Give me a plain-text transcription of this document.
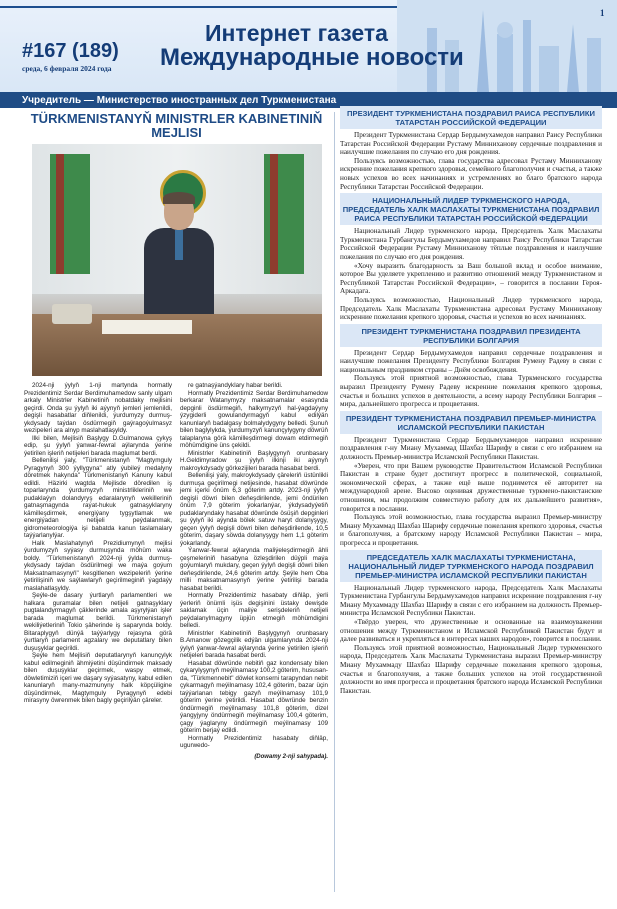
#167 (189)
среда, 6 февраля 2024 года
Интернет газета
Международные новости
1
Учредитель — Министерство иностранных дел Туркменистана
TÜRKMENISTANYŇ MINISTRLER KABINETINIŇ MEJLISI

2024-nji ýylyň 1-nji martynda hormatly Prezidentimiz Serdar Berdimuhamedow sanly ulgam arkaly Ministrler Kabinetiniň nobatdaky mejlisini geçirdi. Onda şu ýylyň iki aýynyň jemleri jemlenildi, degişli hasabatlar diňlenildi, ýurdumyzy durmuş-ykdysady taýdan ösdürmegiň gaýragoýulmasyz wezipeleri ara alnyp maslahatlaşyldy.

Ilki bilen, Mejlisiň Başlygy D.Gulmanowa çykyş edip, şu ýylyň ýanwar-fewral aýlarynda ýerine ýetirilen işleriň netijeleri barada maglumat berdi.

Bellenilişi ýaly, "Türkmenistanyň "Magtymguly Pyragynyň 300 ýyllygyna" atly ýubileý medalyny döretmek hakynda" Türkmenistanyň Kanuny kabul edildi. Häzirki wagtda Mejlisde döredilen iş toparlarynda ýurdumyzyň ministrlikleriniň we pudaklaýyn dolandyryş edaralarynyň wekilleriniň gatnaşmagynda raýat-hukuk gatnaşyklaryny kämilleşdirmek, energiýany tygşytlamak we energiýadan netijeli peýdalanmak, gidrometeorologiýa işi babatda kanun taslamalary taýýarlanylýar.

Halk Maslahatynyň Prezidiumynyň mejlisi ýurdumyzyň syýasy durmuşynda möhüm waka boldy. "Türkmenistanyň 2024-nji ýylda durmuş-ykdysady taýdan ösdürilmegi we maýa goýum Maksatnamasynyň" kesgitlenen wezipeleriň ýerine ýetirilişiniň we saýlawlaryň geçirilmeginiň ýagdaýy maslahatlaşyldy.

Şeýle-de dasary ýurtlaryň parlamentleri we halkara guramalar bilen netijeli gatnaşyklary pugtalandyrmagyň çäklerinde amala aşyrylýan işler barada maglumat berildi. Türkmenistanyň wekiliýetleriniň Tokio şäherinde iş saparynda boldy. Bitaraplygyň dünýä taýýarlygy rejasyna görä ýurtlaryň parlament agzalary we deputatlary bilen duşuşyklar geçirildi.

Şeýle hem Mejlisiň deputatlarynyň kanunçylyk kabul edilmeginiň ähmiýetini düşündirmek maksady bilen duşuşyklar geçirmek, waspy etmek, döwletimiziň içeri we daşary syýasatyny, kabul edilen kanunlaryň many-mazmunyny halk köpçüligine düşündirmek, Magtymguly Pyragynyň edebi mirasyny öwrenmek bilen bagly geçirilýän çäreler.

re gatnaşýandyklary habar berildi.

Hormatly Prezidentimiz Serdar Berdimuhamedow berkarar Watanymyzy maksatnamalar esasynda depginli ösdürmegiň, halkymyzyň hal-ýagdaýyny ýzygiderli gowulandyrmagyň kabul edilýän kanunlaryň badalgasy bolmalydygyny belledi. Şunuň bilen baglylykda, ýurdumyzyň kanunçylygyny döwrüň talaplaryna görä kämilleşdirmegi dowam etdirmegiň möhümdigine üns çekildi.

Ministrler Kabinetiniň Başlygynyň orunbasary H.Geldimyradow şu ýylyň ilkinji iki aýynyň makroykdysady görkezijileri barada hasabat berdi.

Bellenilişi ýaly, makroykdysady çäreleriň üstünlikli durmuşa geçirilmegi netijesinde, hasabat döwründe jemi içerki önüm 6,3 göterim artdy. 2023-nji ýylyň degişli döwri bilen deňeşdirilende, jemi öndürilen önüm 7,9 göterim ýokarlanýar, ýkdysadyýetiň pudaklaryndaky hasabat döwründe ösüşiň depginleri şu ýylyň iki aýynda bölek satuw haryt dolanyşygy, geçen ýylyň degişli döwri bilen deňeşdirilende, 10,5 göterim, daşary söwda dolanyşygy hem 1,1 göterim ýokarlandy.

Ýanwar-fewral aýlarynda maliýeleşdirmegiň ähli çeşmeleriniň hasabyna özleşdirilen düýpli maýa goýumlaryň mukdary, geçen ýylyň degişli döwri bilen deňeşdirilende, 24,6 göterim artdy. Şeýle hem Oba milli maksatnamasynyň ýerine ýetirilişi barada hasabat berildi.

Hormatly Prezidentimiz hasabaty diňläp, ýerli ýerleriň önümli işüs degişinini üstaky dewişde saklamak üçin maliýe serişdeleriň netijeli peýdalanylmagyny üpjün etmegiň möhümdigini belledi.

Ministrler Kabinetiniň Başlygynyň orunbasary B.Amanow gözegçilik edýän ulgamlarynda 2024-nji ýylyň ýanwar-fewral aýlarynda ýerine ýetirilen işleriň netijeleri barada hasabat berdi.

Hasabat döwründe nebitiň gaz kondensaty bilen çykarylyşynyň meýilnamasy 100,2 göterim, hususan-da, "Türkmennebit" döwlet konserni tarapyndan nebit çykarmagyň meýilnamasy 102,4 göterim, bazar üçin taýýarlanan tebigy gazyň meýilnamasy 101,9 göterim ýerine ýetirildi. Hasabat döwründe benzin öndürmegiň meýilnamasy 101,8 göterim, dizel ýangyjyny öndürmegiň meýilnamasy 100,4 göterim, çagy ýaglaryny öndürmegiň meýilnamasy 109 göterim berjaý edildi.

Hormatly Prezidentimiz hasabaty diňläp, ugurwedo-

(Dowamy 2-nji sahypada).
ПРЕЗИДЕНТ ТУРКМЕНИСТАНА ПОЗДРАВИЛ РАИСА РЕСПУБЛИКИ ТАТАРСТАН РОССИЙСКОЙ ФЕДЕРАЦИИ

Президент Туркменистана Сердар Бердымухамедов направил Раису Республики Татарстан Российской Федерации Рустаму Минниханову сердечные поздравления и наилучшие пожелания по случаю его дня рождения.

Пользуясь возможностью, глава государства адресовал Рустаму Минниханову искренние пожелания крепкого здоровья, семейного благополучия и счастья, а также новых успехов во всех начинаниях и устремлениях во благо братского народа Республики Татарстан Российской Федерации.

НАЦИОНАЛЬНЫЙ ЛИДЕР ТУРКМЕНСКОГО НАРОДА, ПРЕДСЕДАТЕЛЬ ХАЛК МАСЛАХАТЫ ТУРКМЕНИСТАНА ПОЗДРАВИЛ РАИСА РЕСПУБЛИКИ ТАТАРСТАН РОССИЙСКОЙ ФЕДЕРАЦИИ

Национальный Лидер туркменского народа, Председатель Халк Маслахаты Туркменистана Гурбангулы Бердымухамедов направил Раису Республики Татарстан Российской Федерации Рустаму Минниханову тёплые поздравления и наилучшие пожелания по случаю его дня рождения.

«Хочу выразить благодарность за Ваш большой вклад и особое внимание, которое Вы уделяете укреплению и развитию отношений между Туркменистаном и Республикой Татарстан Российской Федерации», – говорится в послании Героя-Аркадага.

Пользуясь возможностью, Национальный Лидер туркменского народа, Председатель Халк Маслахаты Туркменистана адресовал Рустаму Минниханову искренние пожелания крепкого здоровья, счастья и успехов во всех начинаниях.

ПРЕЗИДЕНТ ТУРКМЕНИСТАНА ПОЗДРАВИЛ ПРЕЗИДЕНТА РЕСПУБЛИКИ БОЛГАРИЯ

Президент Сердар Бердымухамедов направил сердечные поздравления и наилучшие пожелания Президенту Республики Болгария Румену Радеву в связи с национальным праздником страны – Днём освобождения.

Пользуясь этой приятной возможностью, глава Туркменского государства выразил Президенту Румену Радеву искренние пожелания крепкого здоровья, счастья и больших успехов в деятельности, а всему народу Республики Болгария – мира, дальнейшего прогресса и процветания.

ПРЕЗИДЕНТ ТУРКМЕНИСТАНА ПОЗДРАВИЛ ПРЕМЬЕР-МИНИСТРА ИСЛАМСКОЙ РЕСПУБЛИКИ ПАКИСТАН

Президент Туркменистана Сердар Бердымухамедов направил искренние поздравления г-ну Миану Мухаммад Шахбаз Шарифу в связи с его избранием на должность Премьер-министра Исламской Республики Пакистан.

«Уверен, что при Вашем руководстве Правительством Исламской Республики Пакистан в стране будет достигнут прогресс в политической, социальной, экономической сферах, а также ещё выше поднимется её авторитет на международной арене. Высоко оценивая дружественные туркмено-пакистанские отношения, мы продолжим совместную работу для их дальнейшего развития», говорится в послании.

Пользуясь этой возможностью, глава государства выразил Премьер-министру Миану Мухаммад Шахбаз Шарифу сердечные пожелания крепкого здоровья, счастья и благополучия, а братскому народу Исламской Республики Пакистан – мира, прогресса и процветания.

ПРЕДСЕДАТЕЛЬ ХАЛК МАСЛАХАТЫ ТУРКМЕНИСТАНА, НАЦИОНАЛЬНЫЙ ЛИДЕР ТУРКМЕНСКОГО НАРОДА ПОЗДРАВИЛ ПРЕМЬЕР-МИНИСТРА ИСЛАМСКОЙ РЕСПУБЛИКИ ПАКИСТАН

Национальный Лидер туркменского народа, Председатель Халк Маслахаты Туркменистана Гурбангулы Бердымухамедов направил искренние поздравления г-ну Миану Мухаммаду Шахбаз Шарифу в связи с его избранием на должность Премьер-министра Исламской Республики Пакистан.

«Твёрдо уверен, что дружественные и основанные на взаимоуважении отношения между Туркменистаном и Исламской Республикой Пакистан будут и далее развиваться и укрепляться в интересах наших народов», говорится в послании.

Пользуясь этой приятной возможностью, Национальный Лидер туркменского народа, Председатель Халк Маслахаты Туркменистана выразил Премьер-министру Миану Мухаммаду Шахбаз Шарифу сердечные пожелания крепкого здоровья, счастья и благополучия, а также больших успехов на этой государственной должности во имя прогресса и процветания братского народа Исламской Республики Пакистан.
